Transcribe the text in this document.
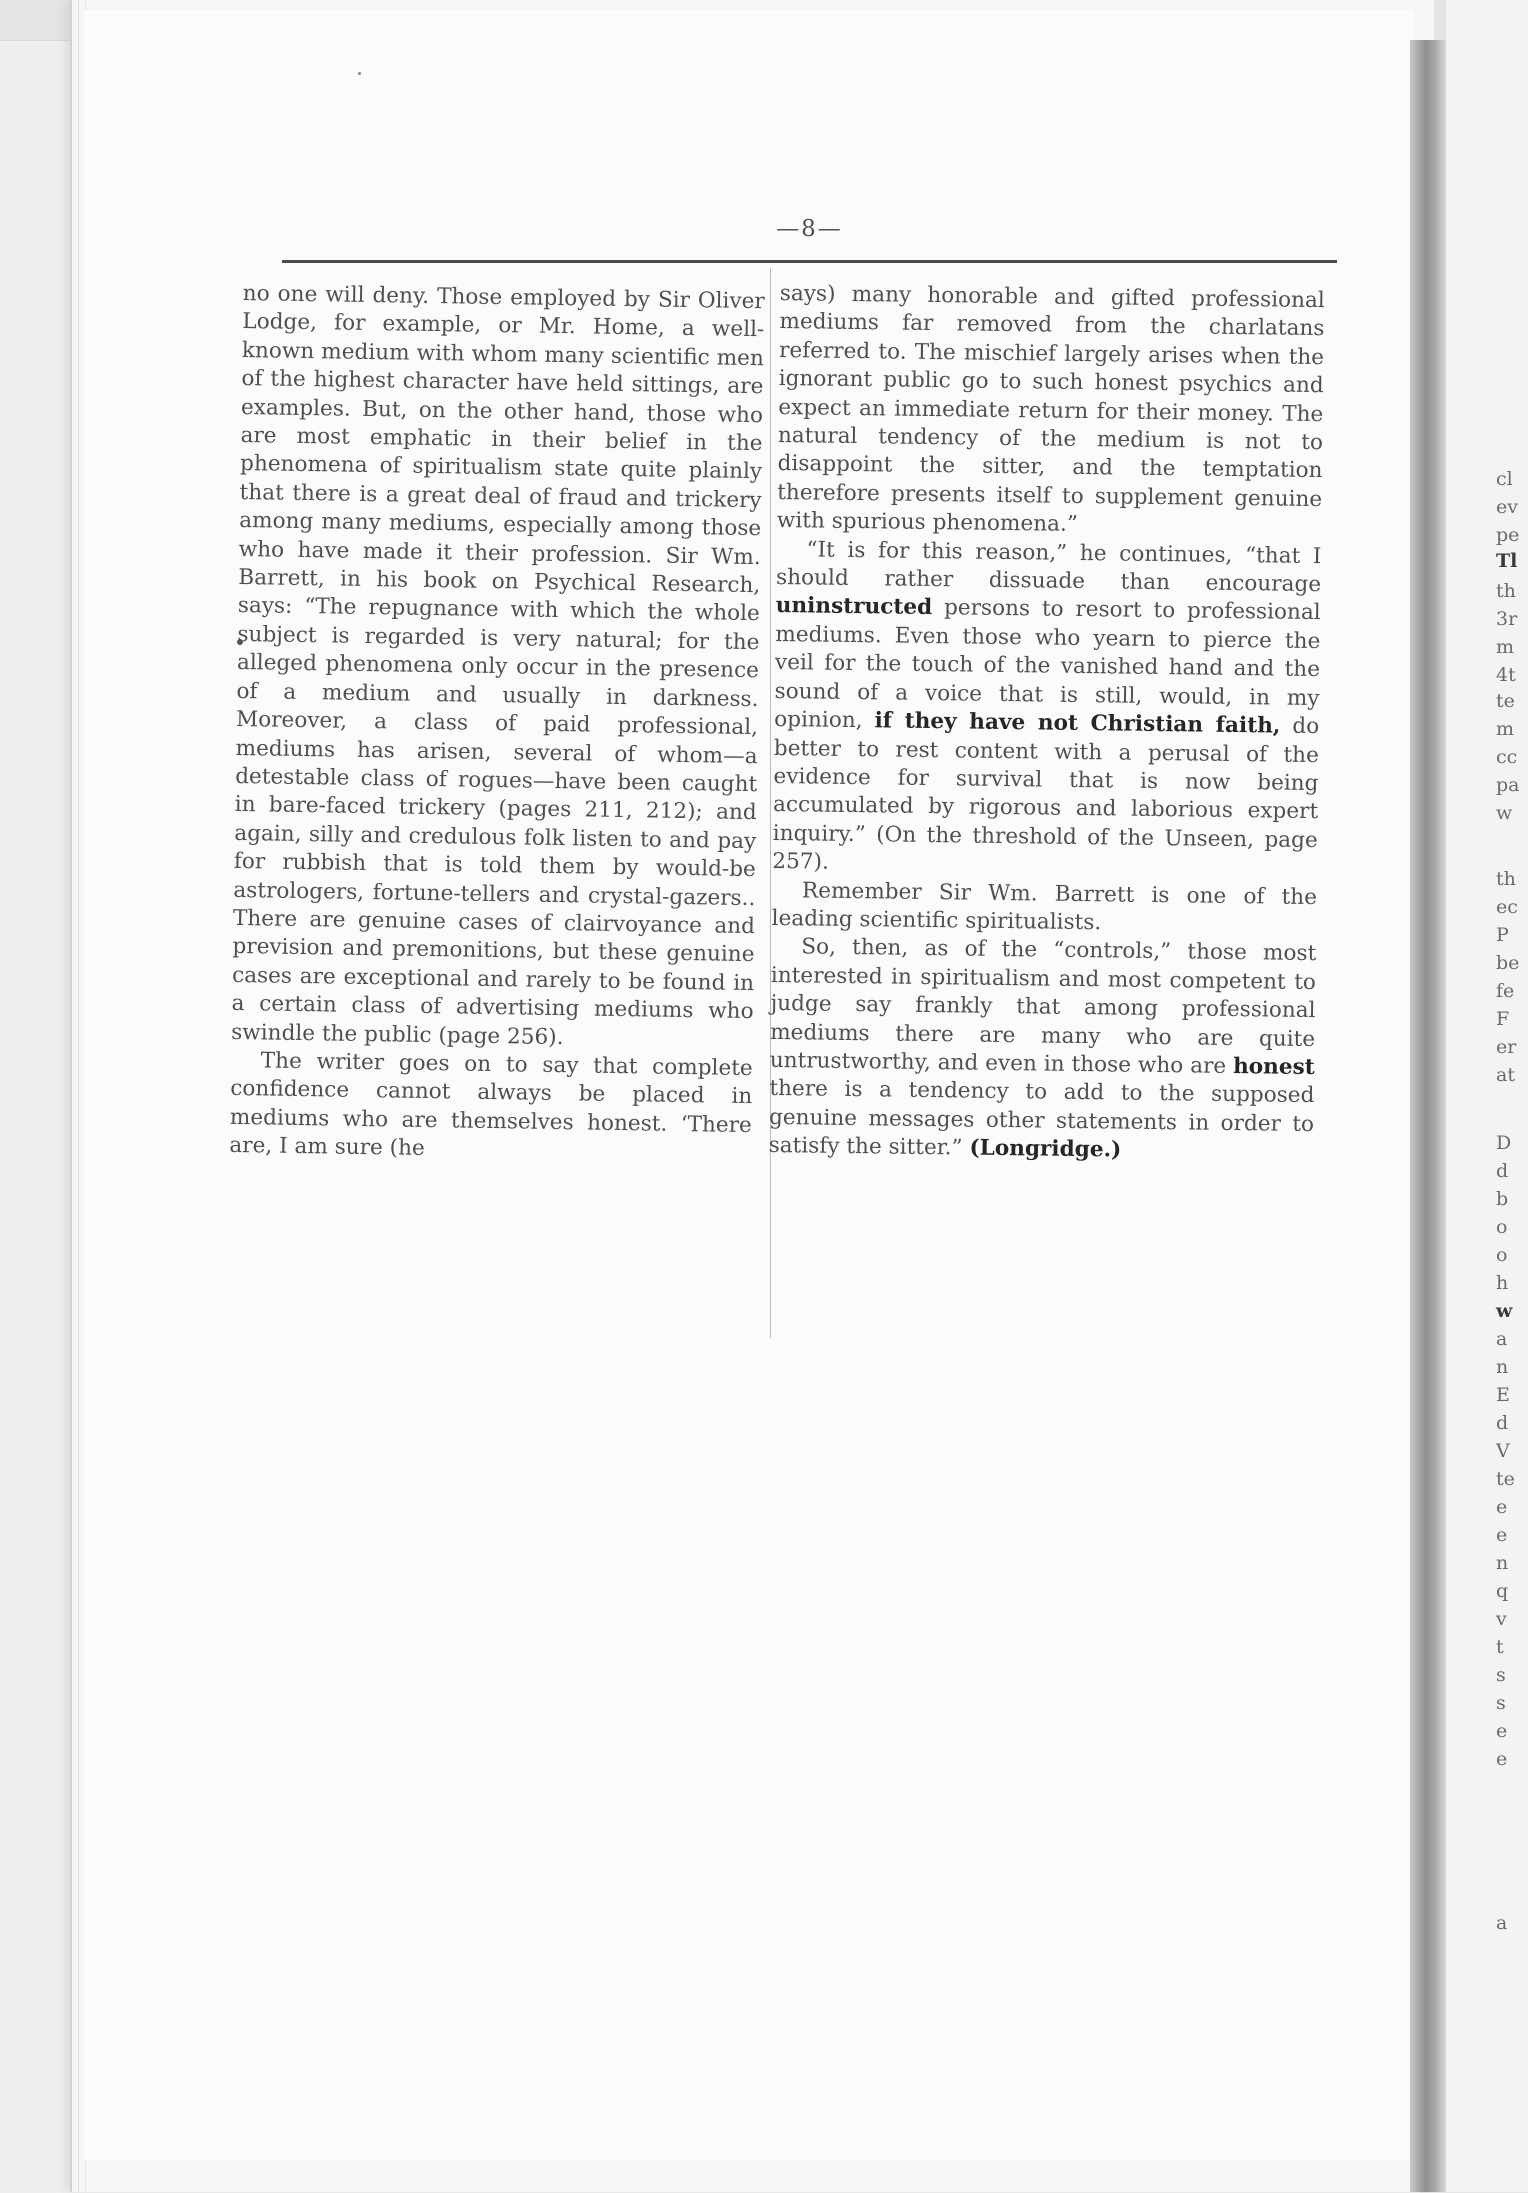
cl
ev
pe
Tl
th
3r
m
4t
te
m
cc
pa
w
th
ec
P
be
fe
F
er
at
D
d
b
o
o
h
w
a
n
E
d
V
te
e
e
n
q
v
t
s
s
e
e
a
—8—

no one will deny. Those employed by Sir Oliver Lodge, for example, or Mr. Home, a well-known medium with whom many scientific men of the highest character have held sittings, are examples. But, on the other hand, those who are most emphatic in their belief in the phenomena of spiritualism state quite plainly that there is a great deal of fraud and trickery among many mediums, especially among those who have made it their profession. Sir Wm. Barrett, in his book on Psychical Research, says: “The repugnance with which the whole subject is regarded is very natural; for the alleged phenomena only occur in the presence of a medium and usually in darkness. Moreover, a class of paid professional, mediums has arisen, several of whom—a detestable class of rogues—have been caught in bare-faced trickery (pages 211, 212); and again, silly and credulous folk listen to and pay for rubbish that is told them by would-be astrologers, fortune-tellers and crystal-gazers.. There are genuine cases of clairvoyance and prevision and premonitions, but these genuine cases are exceptional and rarely to be found in a certain class of advertising mediums who swindle the public (page 256).

The writer goes on to say that complete confidence cannot always be placed in mediums who are themselves honest. ‘There are, I am sure (he

says) many honorable and gifted professional mediums far removed from the charlatans referred to. The mischief largely arises when the ignorant public go to such honest psychics and expect an immediate return for their money. The natural tendency of the medium is not to disappoint the sitter, and the temptation therefore presents itself to supplement genuine with spurious phenomena.”

“It is for this reason,” he continues, “that I should rather dissuade than encourage uninstructed persons to resort to professional mediums. Even those who yearn to pierce the veil for the touch of the vanished hand and the sound of a voice that is still, would, in my opinion, if they have not Christian faith, do better to rest content with a perusal of the evidence for survival that is now being accumulated by rigorous and laborious expert inquiry.” (On the threshold of the Unseen, page 257).

Remember Sir Wm. Barrett is one of the leading scientific spiritualists.

So, then, as of the “controls,” those most interested in spiritualism and most competent to judge say frankly that among professional mediums there are many who are quite untrustworthy, and even in those who are honest there is a tendency to add to the supposed genuine messages other statements in order to satisfy the sitter.” (Longridge.)
